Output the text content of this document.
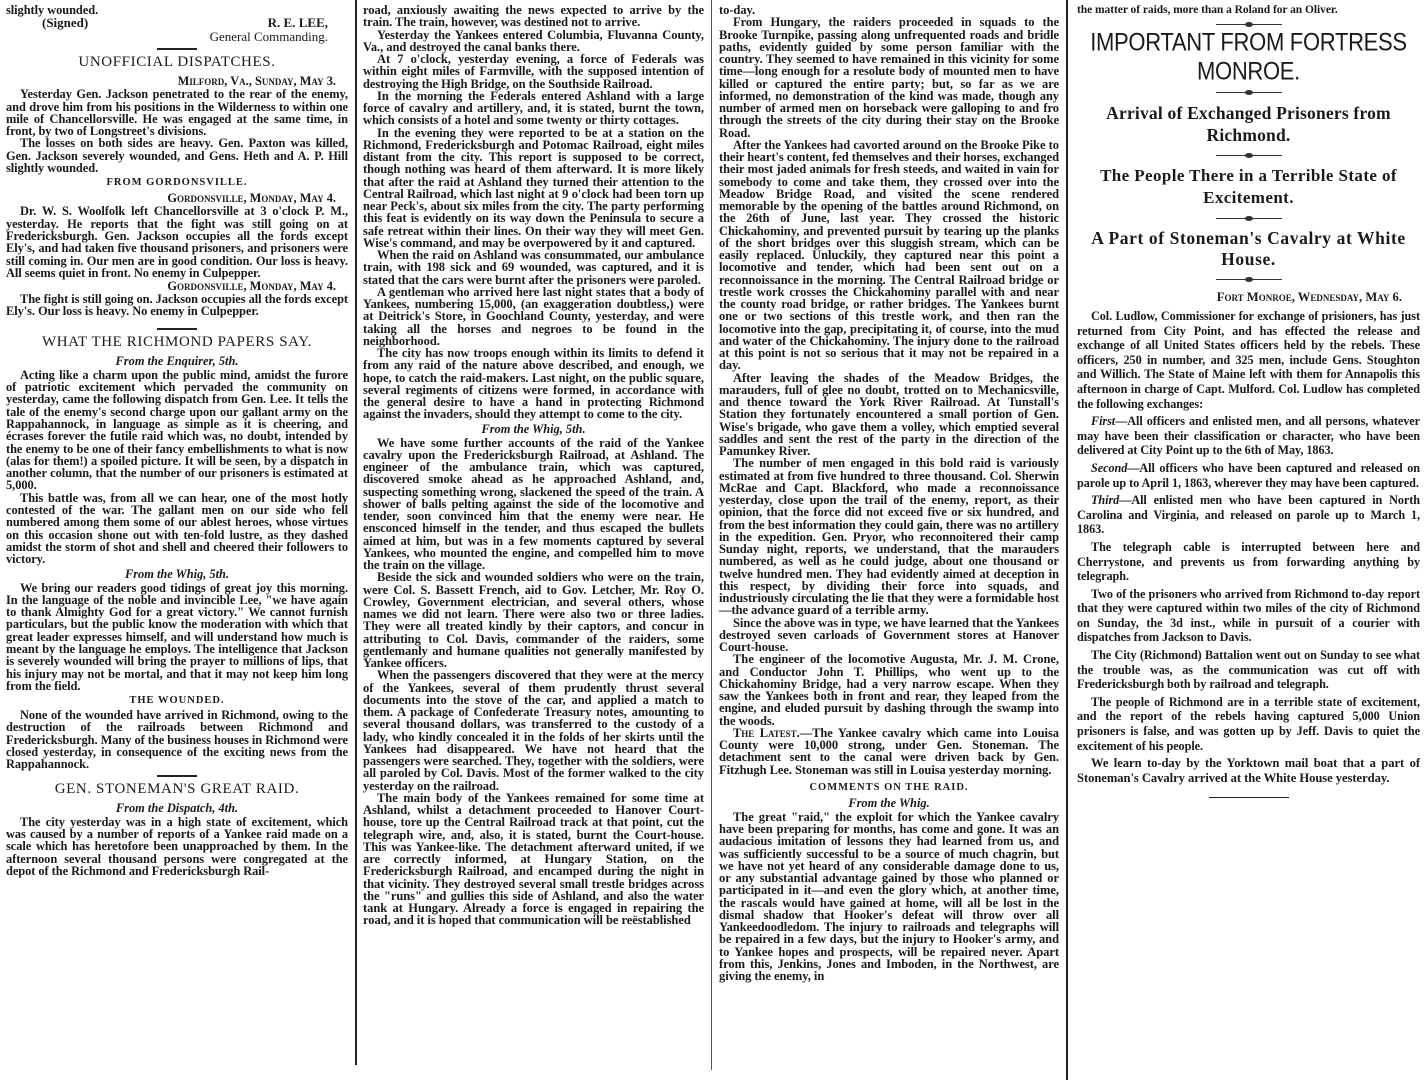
slightly wounded.

(Signed)	R. E. LEE,
General Commanding.
UNOFFICIAL DISPATCHES.
Milford, Va., Sunday, May 3.

Yesterday Gen. Jackson penetrated to the rear of the enemy, and drove him from his positions in the Wilderness to within one mile of Chancellorsville. He was engaged at the same time, in front, by two of Longstreet's divisions.

The losses on both sides are heavy. Gen. Paxton was killed, Gen. Jackson severely wounded, and Gens. Heth and A. P. Hill slightly wounded.

FROM GORDONSVILLE.
Gordonsville, Monday, May 4.

Dr. W. S. Woolfolk left Chancellorsville at 3 o'clock P. M., yesterday. He reports that the fight was still going on at Fredericksburgh. Gen. Jackson occupies all the fords except Ely's, and had taken five thousand prisoners, and prisoners were still coming in. Our men are in good condition. Our loss is heavy. All seems quiet in front. No enemy in Culpepper.

Gordonsville, Monday, May 4.

The fight is still going on. Jackson occupies all the fords except Ely's. Our loss is heavy. No enemy in Culpepper.

WHAT THE RICHMOND PAPERS SAY.
From the Enquirer, 5th.

Acting like a charm upon the public mind, amidst the furore of patriotic excitement which pervaded the community on yesterday, came the following dispatch from Gen. Lee. It tells the tale of the enemy's second charge upon our gallant army on the Rappahannock, in language as simple as it is cheering, and écrases forever the futile raid which was, no doubt, intended by the enemy to be one of their fancy embellishments to what is now (alas for them!) a spoiled picture. It will be seen, by a dispatch in another column, that the number of our prisoners is estimated at 5,000.

This battle was, from all we can hear, one of the most hotly contested of the war. The gallant men on our side who fell numbered among them some of our ablest heroes, whose virtues on this occasion shone out with ten-fold lustre, as they dashed amidst the storm of shot and shell and cheered their followers to victory.

From the Whig, 5th.

We bring our readers good tidings of great joy this morning. In the language of the noble and invincible Lee, "we have again to thank Almighty God for a great victory." We cannot furnish particulars, but the public know the moderation with which that great leader expresses himself, and will understand how much is meant by the language he employs. The intelligence that Jackson is severely wounded will bring the prayer to millions of lips, that his injury may not be mortal, and that it may not keep him long from the field.

THE WOUNDED.

None of the wounded have arrived in Richmond, owing to the destruction of the railroads between Richmond and Fredericksburgh. Many of the business houses in Richmond were closed yesterday, in consequence of the exciting news from the Rappahannock.

GEN. STONEMAN'S GREAT RAID.
From the Dispatch, 4th.

The city yesterday was in a high state of excitement, which was caused by a number of reports of a Yankee raid made on a scale which has heretofore been unapproached by them. In the afternoon several thousand persons were congregated at the depot of the Richmond and Fredericksburgh Rail-

road, anxiously awaiting the news expected to arrive by the train. The train, however, was destined not to arrive.

Yesterday the Yankees entered Columbia, Fluvanna County, Va., and destroyed the canal banks there.

At 7 o'clock, yesterday evening, a force of Federals was within eight miles of Farmville, with the supposed intention of destroying the High Bridge, on the Southside Railroad.

In the morning the Federals entered Ashland with a large force of cavalry and artillery, and, it is stated, burnt the town, which consists of a hotel and some twenty or thirty cottages.

In the evening they were reported to be at a station on the Richmond, Fredericksburgh and Potomac Railroad, eight miles distant from the city. This report is supposed to be correct, though nothing was heard of them afterward. It is more likely that after the raid at Ashland they turned their attention to the Central Railroad, which last night at 9 o'clock had been torn up near Peck's, about six miles from the city. The party performing this feat is evidently on its way down the Peninsula to secure a safe retreat within their lines. On their way they will meet Gen. Wise's command, and may be overpowered by it and captured.

When the raid on Ashland was consummated, our ambulance train, with 198 sick and 69 wounded, was captured, and it is stated that the cars were burnt after the prisoners were paroled.

A gentleman who arrived here last night states that a body of Yankees, numbering 15,000, (an exaggeration doubtless,) were at Deitrick's Store, in Goochland County, yesterday, and were taking all the horses and negroes to be found in the neighborhood.

The city has now troops enough within its limits to defend it from any raid of the nature above described, and enough, we hope, to catch the raid-makers. Last night, on the public square, several regiments of citizens were formed, in accordance with the general desire to have a hand in protecting Richmond against the invaders, should they attempt to come to the city.

From the Whig, 5th.

We have some further accounts of the raid of the Yankee cavalry upon the Fredericksburgh Railroad, at Ashland. The engineer of the ambulance train, which was captured, discovered smoke ahead as he approached Ashland, and, suspecting something wrong, slackened the speed of the train. A shower of balls pelting against the side of the locomotive and tender, soon convinced him that the enemy were near. He ensconced himself in the tender, and thus escaped the bullets aimed at him, but was in a few moments captured by several Yankees, who mounted the engine, and compelled him to move the train on the village.

Beside the sick and wounded soldiers who were on the train, were Col. S. Bassett French, aid to Gov. Letcher, Mr. Roy O. Crowley, Government electrician, and several others, whose names we did not learn. There were also two or three ladies. They were all treated kindly by their captors, and concur in attributing to Col. Davis, commander of the raiders, some gentlemanly and humane qualities not generally manifested by Yankee officers.

When the passengers discovered that they were at the mercy of the Yankees, several of them prudently thrust several documents into the stove of the car, and applied a match to them. A package of Confederate Treasury notes, amounting to several thousand dollars, was transferred to the custody of a lady, who kindly concealed it in the folds of her skirts until the Yankees had disappeared. We have not heard that the passengers were searched. They, together with the soldiers, were all paroled by Col. Davis. Most of the former walked to the city yesterday on the railroad.

The main body of the Yankees remained for some time at Ashland, whilst a detachment proceeded to Hanover Court-house, tore up the Central Railroad track at that point, cut the telegraph wire, and, also, it is stated, burnt the Court-house. This was Yankee-like. The detachment afterward united, if we are correctly informed, at Hungary Station, on the Fredericksburgh Railroad, and encamped during the night in that vicinity. They destroyed several small trestle bridges across the "runs" and gullies this side of Ashland, and also the water tank at Hungary. Already a force is engaged in repairing the road, and it is hoped that communication will be reëstablished

to-day.

From Hungary, the raiders proceeded in squads to the Brooke Turnpike, passing along unfrequented roads and bridle paths, evidently guided by some person familiar with the country. They seemed to have remained in this vicinity for some time—long enough for a resolute body of mounted men to have killed or captured the entire party; but, so far as we are informed, no demonstration of the kind was made, though any number of armed men on horseback were galloping to and fro through the streets of the city during their stay on the Brooke Road.

After the Yankees had cavorted around on the Brooke Pike to their heart's content, fed themselves and their horses, exchanged their most jaded animals for fresh steeds, and waited in vain for somebody to come and take them, they crossed over into the Meadow Bridge Road, and visited the scene rendered memorable by the opening of the battles around Richmond, on the 26th of June, last year. They crossed the historic Chickahominy, and prevented pursuit by tearing up the planks of the short bridges over this sluggish stream, which can be easily replaced. Unluckily, they captured near this point a locomotive and tender, which had been sent out on a reconnoissance in the morning. The Central Railroad bridge or trestle work crosses the Chickahominy parallel with and near the county road bridge, or rather bridges. The Yankees burnt one or two sections of this trestle work, and then ran the locomotive into the gap, precipitating it, of course, into the mud and water of the Chickahominy. The injury done to the railroad at this point is not so serious that it may not be repaired in a day.

After leaving the shades of the Meadow Bridges, the marauders, full of glee no doubt, trotted on to Mechanicsville, and thence toward the York River Railroad. At Tunstall's Station they fortunately encountered a small portion of Gen. Wise's brigade, who gave them a volley, which emptied several saddles and sent the rest of the party in the direction of the Pamunkey River.

The number of men engaged in this bold raid is variously estimated at from five hundred to three thousand. Col. Sherwin McRae and Capt. Blackford, who made a reconnoissance yesterday, close upon the trail of the enemy, report, as their opinion, that the force did not exceed five or six hundred, and from the best information they could gain, there was no artillery in the expedition. Gen. Pryor, who reconnoitered their camp Sunday night, reports, we understand, that the marauders numbered, as well as he could judge, about one thousand or twelve hundred men. They had evidently aimed at deception in this respect, by dividing their force into squads, and industriously circulating the lie that they were a formidable host—the advance guard of a terrible army.

Since the above was in type, we have learned that the Yankees destroyed seven carloads of Government stores at Hanover Court-house.

The engineer of the locomotive Augusta, Mr. J. M. Crone, and Conductor John T. Phillips, who went up to the Chickahominy Bridge, had a very narrow escape. When they saw the Yankees both in front and rear, they leaped from the engine, and eluded pursuit by dashing through the swamp into the woods.

The Latest.—The Yankee cavalry which came into Louisa County were 10,000 strong, under Gen. Stoneman. The detachment sent to the canal were driven back by Gen. Fitzhugh Lee. Stoneman was still in Louisa yesterday morning.

COMMENTS ON THE RAID.
From the Whig.

The great "raid," the exploit for which the Yankee cavalry have been preparing for months, has come and gone. It was an audacious imitation of lessons they had learned from us, and was sufficiently successful to be a source of much chagrin, but we have not yet heard of any considerable damage done to us, or any substantial advantage gained by those who planned or participated in it—and even the glory which, at another time, the rascals would have gained at home, will all be lost in the dismal shadow that Hooker's defeat will throw over all Yankeedoodledom. The injury to railroads and telegraphs will be repaired in a few days, but the injury to Hooker's army, and to Yankee hopes and prospects, will be repaired never. Apart from this, Jenkins, Jones and Imboden, in the Northwest, are giving the enemy, in

the matter of raids, more than a Roland for an Oliver.

IMPORTANT FROM FORTRESS MONROE.
Arrival of Exchanged Prisoners from Richmond.
The People There in a Terrible State of Excitement.
A Part of Stoneman's Cavalry at White House.
Fort Monroe, Wednesday, May 6.

Col. Ludlow, Commissioner for exchange of prisioners, has just returned from City Point, and has effected the release and exchange of all United States officers held by the rebels. These officers, 250 in number, and 325 men, include Gens. Stoughton and Willich. The State of Maine left with them for Annapolis this afternoon in charge of Capt. Mulford. Col. Ludlow has completed the following exchanges:

First—All officers and enlisted men, and all persons, whatever may have been their classification or character, who have been delivered at City Point up to the 6th of May, 1863.

Second—All officers who have been captured and released on parole up to April 1, 1863, wherever they may have been captured.

Third—All enlisted men who have been captured in North Carolina and Virginia, and released on parole up to March 1, 1863.

The telegraph cable is interrupted between here and Cherrystone, and prevents us from forwarding anything by telegraph.

Two of the prisoners who arrived from Richmond to-day report that they were captured within two miles of the city of Richmond on Sunday, the 3d inst., while in pursuit of a courier with dispatches from Jackson to Davis.

The City (Richmond) Battalion went out on Sunday to see what the trouble was, as the communication was cut off with Fredericksburgh both by railroad and telegraph.

The people of Richmond are in a terrible state of excitement, and the report of the rebels having captured 5,000 Union prisoners is false, and was gotten up by Jeff. Davis to quiet the excitement of his people.

We learn to-day by the Yorktown mail boat that a part of Stoneman's Cavalry arrived at the White House yesterday.
